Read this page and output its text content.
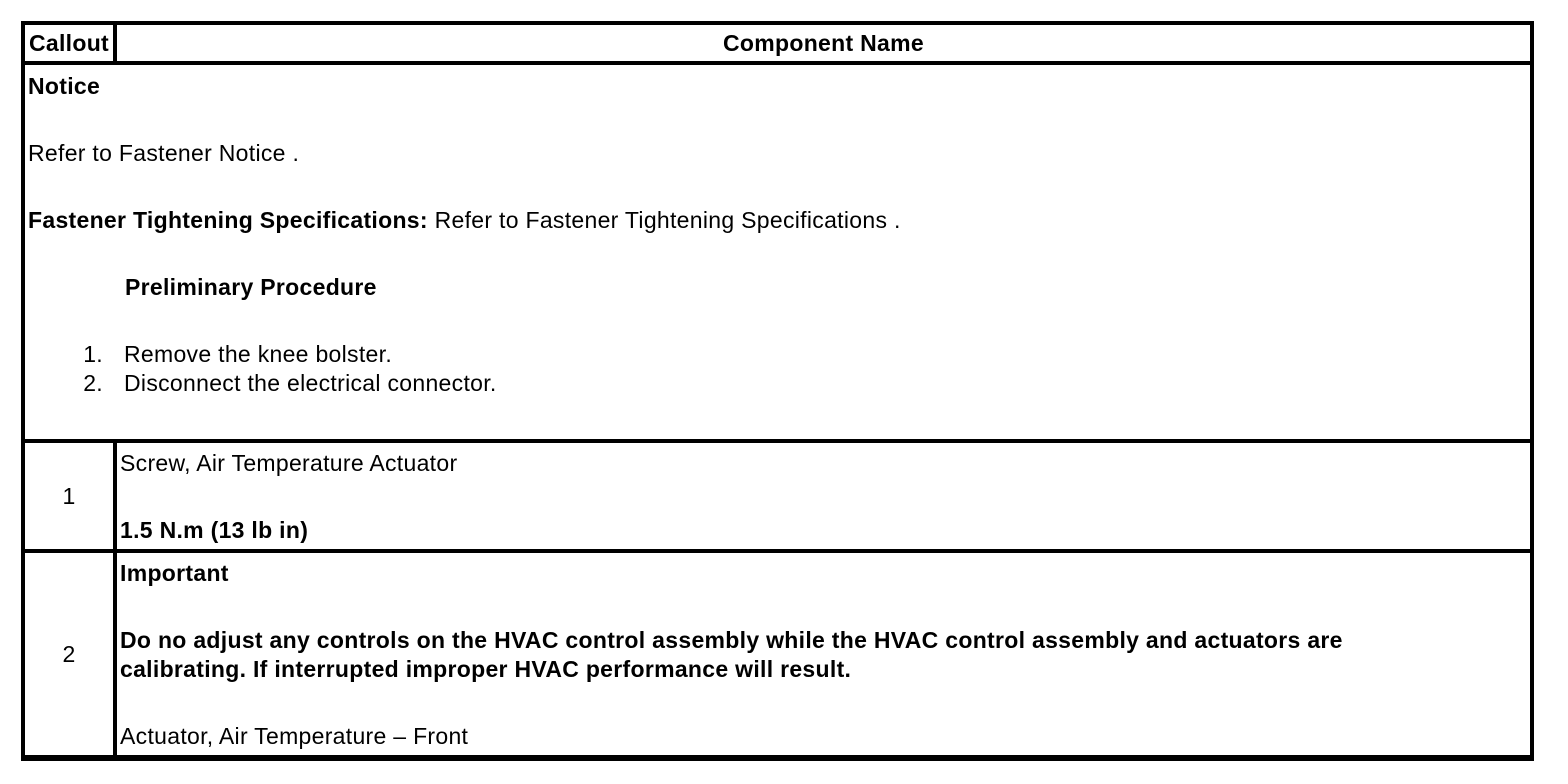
Callout	Component Name

Notice

Refer to Fastener Notice .

Fastener Tightening Specifications: Refer to Fastener Tightening Specifications .

Preliminary Procedure

1. Remove the knee bolster.
2. Disconnect the electrical connector.

1	Screw, Air Temperature Actuator

1.5 N.m (13 lb in)

2	Important

Do no adjust any controls on the HVAC control assembly while the HVAC control assembly and actuators are calibrating. If interrupted improper HVAC performance will result.

Actuator, Air Temperature – Front
